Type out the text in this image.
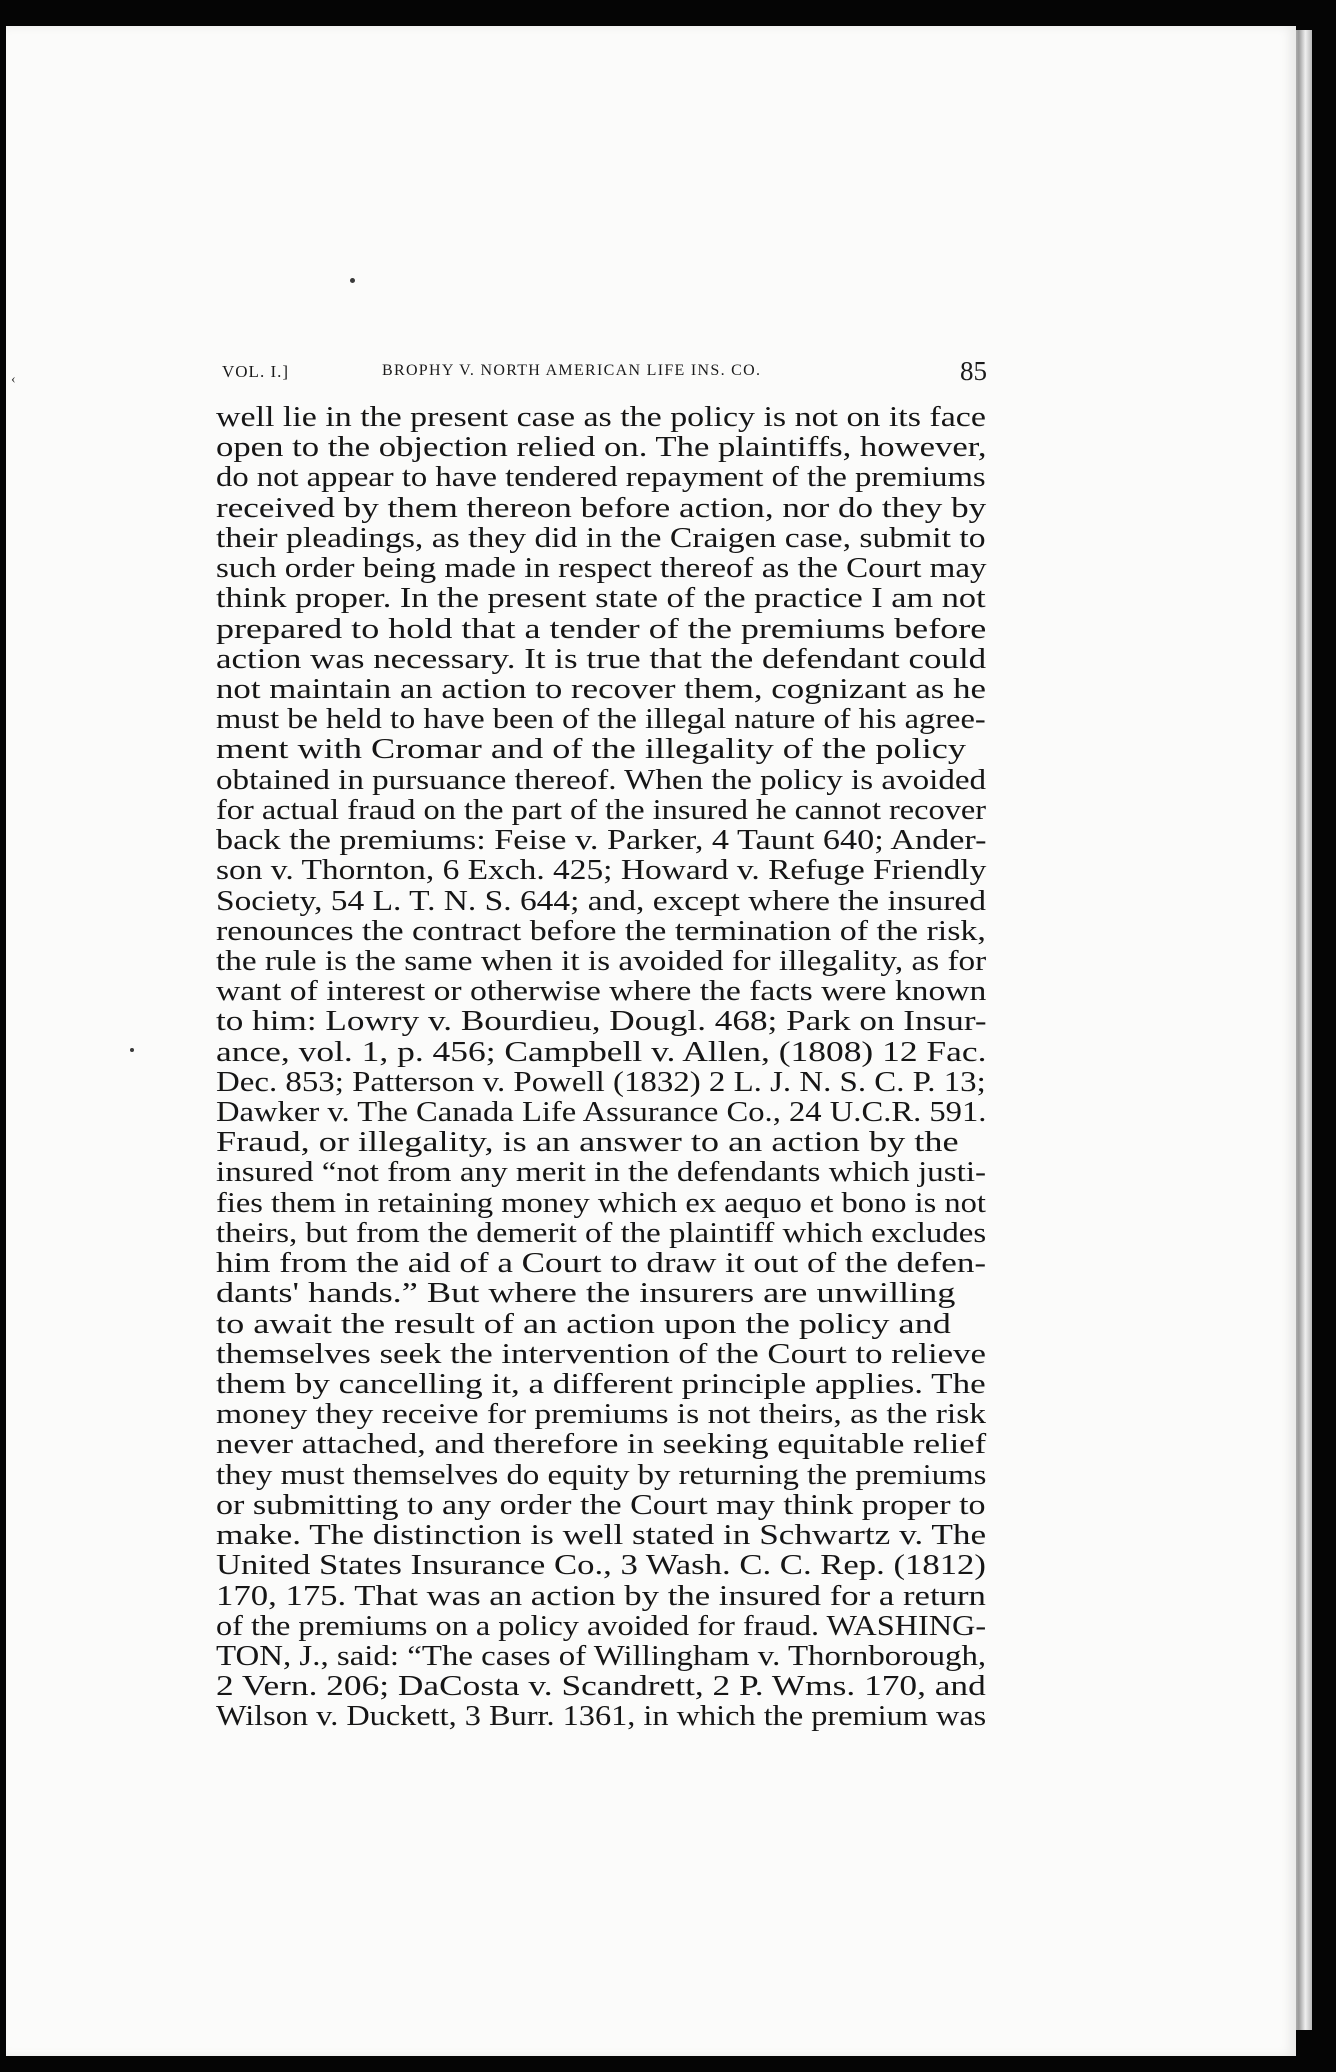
‹	VOL. I.]	BROPHY V. NORTH AMERICAN LIFE INS. CO.	85
well lie in the present case as the policy is not on its face
open to the objection relied on. The plaintiffs, however,
do not appear to have tendered repayment of the premiums
received by them thereon before action, nor do they by
their pleadings, as they did in the Craigen case, submit to
such order being made in respect thereof as the Court may
think proper. In the present state of the practice I am not
prepared to hold that a tender of the premiums before
action was necessary. It is true that the defendant could
not maintain an action to recover them, cognizant as he
must be held to have been of the illegal nature of his agree-
ment with Cromar and of the illegality of the policy
obtained in pursuance thereof. When the policy is avoided
for actual fraud on the part of the insured he cannot recover
back the premiums: Feise v. Parker, 4 Taunt 640; Ander-
son v. Thornton, 6 Exch. 425; Howard v. Refuge Friendly
Society, 54 L. T. N. S. 644; and, except where the insured
renounces the contract before the termination of the risk,
the rule is the same when it is avoided for illegality, as for
want of interest or otherwise where the facts were known
to him: Lowry v. Bourdieu, Dougl. 468; Park on Insur-
ance, vol. 1, p. 456; Campbell v. Allen, (1808) 12 Fac.
Dec. 853; Patterson v. Powell (1832) 2 L. J. N. S. C. P. 13;
Dawker v. The Canada Life Assurance Co., 24 U.C.R. 591.
Fraud, or illegality, is an answer to an action by the
insured “not from any merit in the defendants which justi-
fies them in retaining money which ex aequo et bono is not
theirs, but from the demerit of the plaintiff which excludes
him from the aid of a Court to draw it out of the defen-
dants' hands.” But where the insurers are unwilling
to await the result of an action upon the policy and
themselves seek the intervention of the Court to relieve
them by cancelling it, a different principle applies. The
money they receive for premiums is not theirs, as the risk
never attached, and therefore in seeking equitable relief
they must themselves do equity by returning the premiums
or submitting to any order the Court may think proper to
make. The distinction is well stated in Schwartz v. The
United States Insurance Co., 3 Wash. C. C. Rep. (1812)
170, 175. That was an action by the insured for a return
of the premiums on a policy avoided for fraud. WASHING-
TON, J., said: “The cases of Willingham v. Thornborough,
2 Vern. 206; DaCosta v. Scandrett, 2 P. Wms. 170, and
Wilson v. Duckett, 3 Burr. 1361, in which the premium was
